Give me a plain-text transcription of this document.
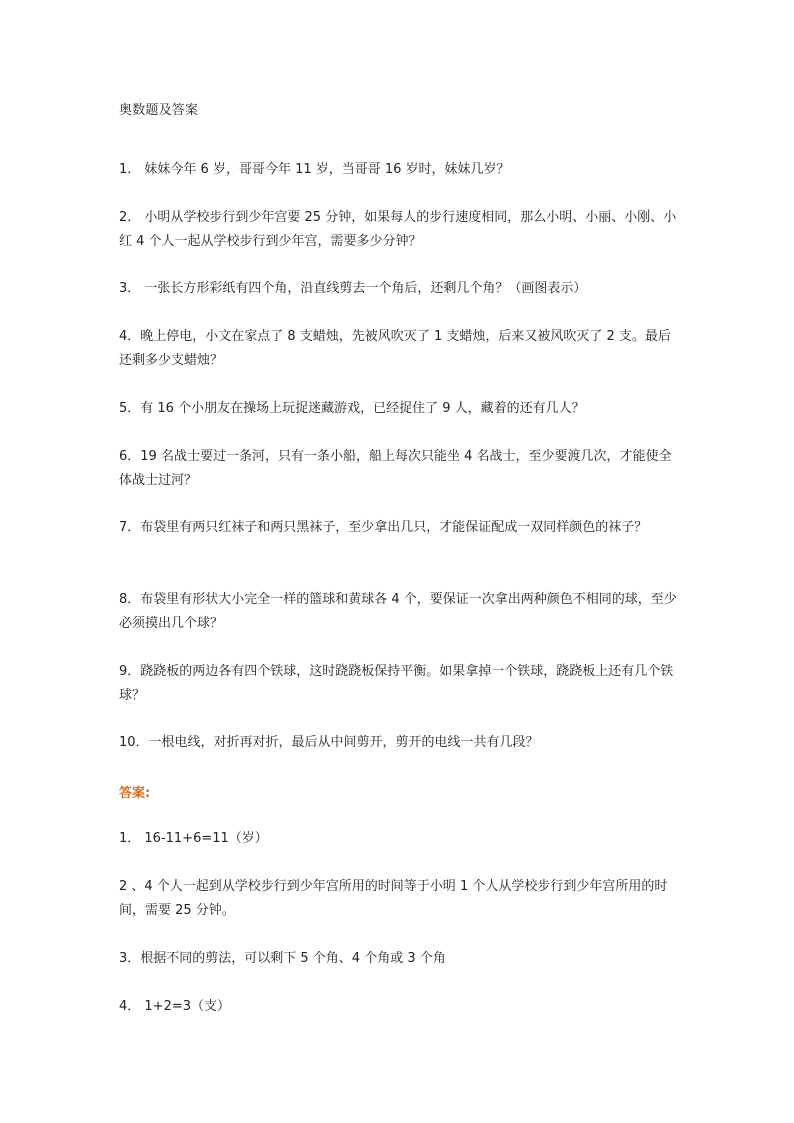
奥数题及答案

1． 妹妹今年 6 岁，哥哥今年 11 岁，当哥哥 16 岁时，妹妹几岁？

2． 小明从学校步行到少年宫要 25 分钟，如果每人的步行速度相同，那么小明、小丽、小刚、小红 4 个人一起从学校步行到少年宫，需要多少分钟？

3． 一张长方形彩纸有四个角，沿直线剪去一个角后，还剩几个角？（画图表示）

4．晚上停电，小文在家点了 8 支蜡烛，先被风吹灭了 1 支蜡烛，后来又被风吹灭了 2 支。最后还剩多少支蜡烛？

5．有 16 个小朋友在操场上玩捉迷藏游戏，已经捉住了 9 人，藏着的还有几人？

6．19 名战士要过一条河，只有一条小船，船上每次只能坐 4 名战士，至少要渡几次，才能使全体战士过河？

7．布袋里有两只红袜子和两只黑袜子，至少拿出几只，才能保证配成一双同样颜色的袜子？

8．布袋里有形状大小完全一样的篮球和黄球各 4 个，要保证一次拿出两种颜色不相同的球，至少必须摸出几个球？

9．跷跷板的两边各有四个铁球，这时跷跷板保持平衡。如果拿掉一个铁球，跷跷板上还有几个铁球？

10．一根电线，对折再对折，最后从中间剪开，剪开的电线一共有几段？

答案:

1． 16-11+6=11（岁）

2 、4 个人一起到从学校步行到少年宫所用的时间等于小明 1 个人从学校步行到少年宫所用的时间，需要 25 分钟。

3．根据不同的剪法，可以剩下 5 个角、4 个角或 3 个角

4． 1+2=3（支）
